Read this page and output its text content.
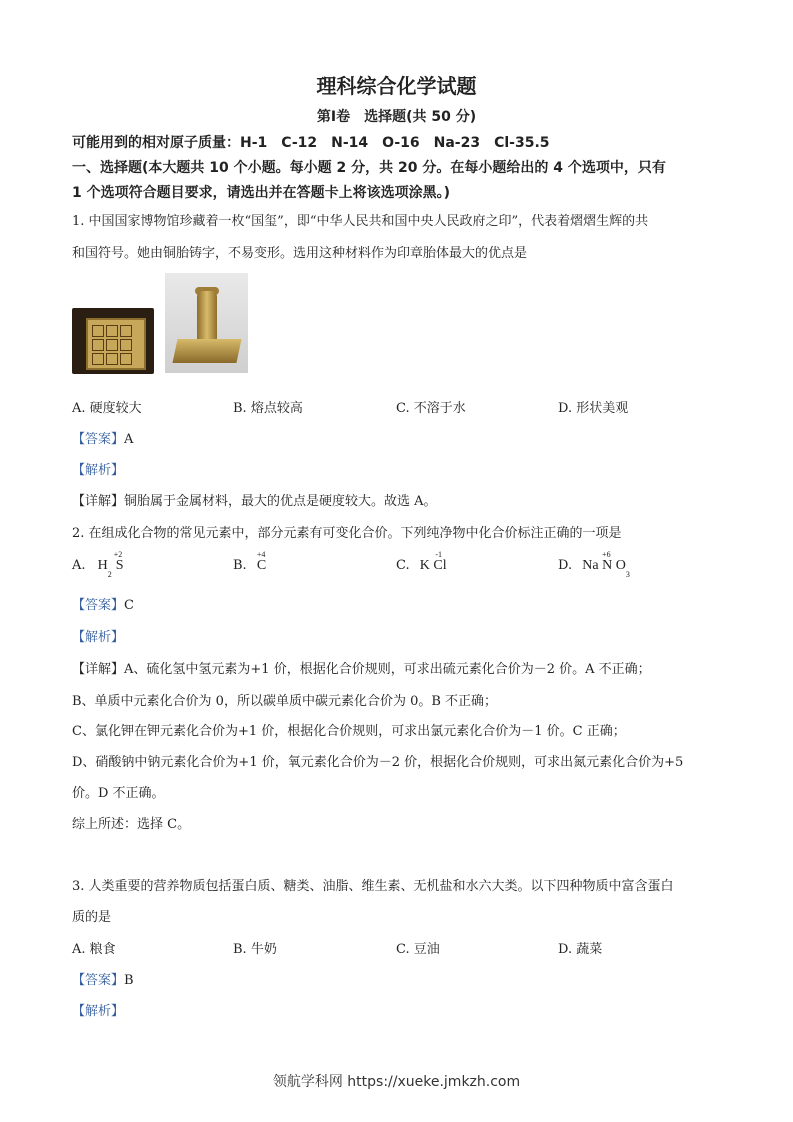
理科综合化学试题
第Ⅰ卷　选择题(共 50 分)
可能用到的相对原子质量：H-1　C-12　N-14　O-16　Na-23　Cl-35.5
一、选择题(本大题共 10 个小题。每小题 2 分，共 20 分。在每小题给出的 4 个选项中，只有
1 个选项符合题目要求，请选出并在答题卡上将该选项涂黑。)
1. 中国国家博物馆珍藏着一枚“国玺”，即“中华人民共和国中央人民政府之印”，代表着熠熠生辉的共
和国符号。她由铜胎铸字，不易变形。选用这种材料作为印章胎体最大的优点是
A. 硬度较大	B. 熔点较高	C. 不溶于水	D. 形状美观
【答案】A
【解析】
【详解】铜胎属于金属材料，最大的优点是硬度较大。故选 A。
2. 在组成化合物的常见元素中，部分元素有可变化合价。下列纯净物中化合价标注正确的一项是
A. H
2
+2
S	B.
+4
C	C. K
-1
Cl	D. Na
+6
N O
3
【答案】C
【解析】
【详解】A、硫化氢中氢元素为+1 价，根据化合价规则，可求出硫元素化合价为－2 价。A 不正确；
B、单质中元素化合价为 0，所以碳单质中碳元素化合价为 0。B 不正确；
C、氯化钾在钾元素化合价为+1 价，根据化合价规则，可求出氯元素化合价为－1 价。C 正确；
D、硝酸钠中钠元素化合价为+1 价，氧元素化合价为－2 价，根据化合价规则，可求出氮元素化合价为+5
价。D 不正确。
综上所述：选择 C。
3. 人类重要的营养物质包括蛋白质、糖类、油脂、维生素、无机盐和水六大类。以下四种物质中富含蛋白
质的是
A. 粮食	B. 牛奶	C. 豆油	D. 蔬菜
【答案】B
【解析】
领航学科网 https://xueke.jmkzh.com
